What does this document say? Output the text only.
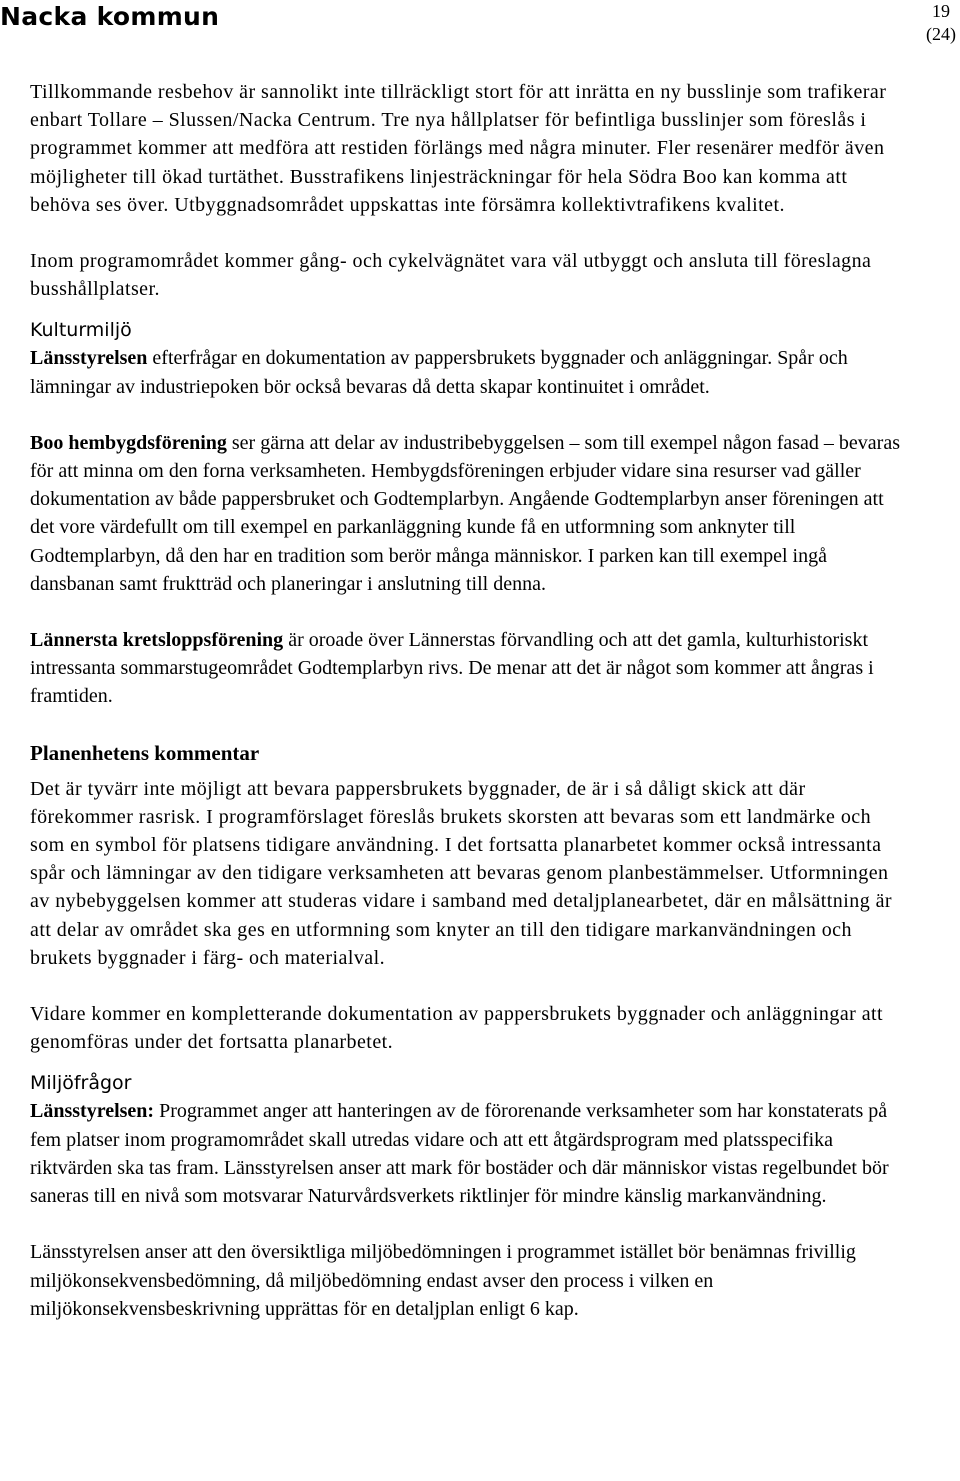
Nacka kommun	19
(24)

Tillkommande resbehov är sannolikt inte tillräckligt stort för att inrätta en ny busslinje som trafikerar enbart Tollare – Slussen/Nacka Centrum. Tre nya hållplatser för befintliga busslinjer som föreslås i programmet kommer att medföra att restiden förlängs med några minuter. Fler resenärer medför även möjligheter till ökad turtäthet. Busstrafikens linjesträckningar för hela Södra Boo kan komma att behöva ses över. Utbyggnadsområdet uppskattas inte försämra kollektivtrafikens kvalitet.

Inom programområdet kommer gång- och cykelvägnätet vara väl utbyggt och ansluta till föreslagna busshållplatser.

Kulturmiljö

Länsstyrelsen efterfrågar en dokumentation av pappersbrukets byggnader och anläggningar. Spår och lämningar av industriepoken bör också bevaras då detta skapar kontinuitet i området.

Boo hembygdsförening ser gärna att delar av industribebyggelsen – som till exempel någon fasad – bevaras för att minna om den forna verksamheten. Hembygdsföreningen erbjuder vidare sina resurser vad gäller dokumentation av både pappersbruket och Godtemplarbyn. Angående Godtemplarbyn anser föreningen att det vore värdefullt om till exempel en parkanläggning kunde få en utformning som anknyter till Godtemplarbyn, då den har en tradition som berör många människor. I parken kan till exempel ingå dansbanan samt fruktträd och planeringar i anslutning till denna.

Lännersta kretsloppsförening är oroade över Lännerstas förvandling och att det gamla, kulturhistoriskt intressanta sommarstugeområdet Godtemplarbyn rivs. De menar att det är något som kommer att ångras i framtiden.

Planenhetens kommentar

Det är tyvärr inte möjligt att bevara pappersbrukets byggnader, de är i så dåligt skick att där förekommer rasrisk. I programförslaget föreslås brukets skorsten att bevaras som ett landmärke och som en symbol för platsens tidigare användning. I det fortsatta planarbetet kommer också intressanta spår och lämningar av den tidigare verksamheten att bevaras genom planbestämmelser. Utformningen av nybebyggelsen kommer att studeras vidare i samband med detaljplanearbetet, där en målsättning är att delar av området ska ges en utformning som knyter an till den tidigare markanvändningen och brukets byggnader i färg- och materialval.

Vidare kommer en kompletterande dokumentation av pappersbrukets byggnader och anläggningar att genomföras under det fortsatta planarbetet.

Miljöfrågor

Länsstyrelsen: Programmet anger att hanteringen av de förorenande verksamheter som har konstaterats på fem platser inom programområdet skall utredas vidare och att ett åtgärdsprogram med platsspecifika riktvärden ska tas fram. Länsstyrelsen anser att mark för bostäder och där människor vistas regelbundet bör saneras till en nivå som motsvarar Naturvårdsverkets riktlinjer för mindre känslig markanvändning.

Länsstyrelsen anser att den översiktliga miljöbedömningen i programmet istället bör benämnas frivillig miljökonsekvensbedömning, då miljöbedömning endast avser den process i vilken en miljökonsekvensbeskrivning upprättas för en detaljplan enligt 6 kap.
